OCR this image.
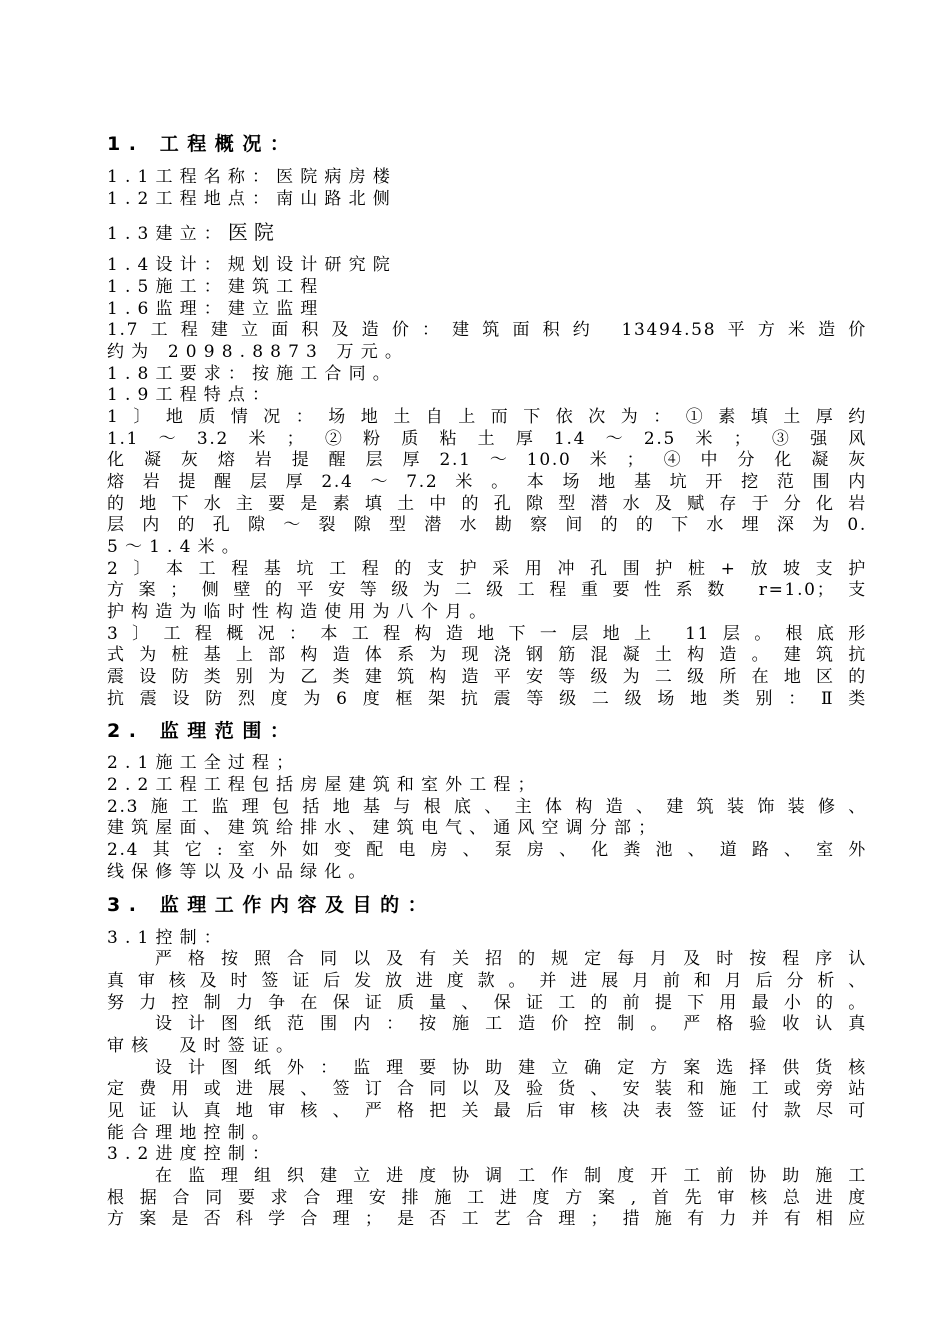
1. 工程概况：
1.1工程名称：医院病房楼
1.2工程地点：南山路北侧
1.3建立：医院
1.4设计：规划设计研究院
1.5施工：建筑工程
1.6监理：建立监理
1.7工程建立面积及造价：建筑面积约 13494.58平方米造价
约为 2098.8873 万元。
1.8工要求：按施工合同。
1.9工程特点：
1〕地质情况：场地土自上而下依次为：①素填土厚约
1.1～3.2米；②粉质粘土厚1.4～2.5米；③强风
化凝灰熔岩提醒层厚2.1～10.0米；④中分化凝灰
熔岩提醒层厚2.4～7.2米。本场地基坑开挖范围内
的地下水主要是素填土中的孔隙型潜水及赋存于分化岩
层内的孔隙～裂隙型潜水勘察间的的下水埋深为0.
5～1.4米。
2〕本工程基坑工程的支护采用冲孔围护桩+放坡支护
方案；侧壁的平安等级为二级工程重要性系数 r=1.0；支
护构造为临时性构造使用为八个月。
3〕工程概况：本工程构造地下一层地上 11层。根底形
式为桩基上部构造体系为现浇钢筋混凝土构造。建筑抗
震设防类别为乙类建筑构造平安等级为二级所在地区的
抗震设防烈度为6度框架抗震等级二级场地类别：Ⅱ类
2. 监理范围：
2.1施工全过程；
2.2工程工程包括房屋建筑和室外工程；
2.3施工监理包括地基与根底、主体构造、建筑装饰装修、
建筑屋面、建筑给排水、建筑电气、通风空调分部；
2.4其它:室外如变配电房、泵房、化粪池、道路、室外
线保修等以及小品绿化。
3. 监理工作内容及目的：
3.1控制：
严格按照合同以及有关招的规定每月及时按程序认
真审核及时签证后发放进度款。并进展月前和月后分析、
努力控制力争在保证质量、保证工的前提下用最小的。
设计图纸范围内：按施工造价控制。严格验收认真
审核　及时签证。
设计图纸外：监理要协助建立确定方案选择供货核
定费用或进展、签订合同以及验货、安装和施工或旁站
见证认真地审核、严格把关最后审核决表签证付款尽可
能合理地控制。
3.2进度控制：
在监理组织建立进度协调工作制度开工前协助施工
根据合同要求合理安排施工进度方案,首先审核总进度
方案是否科学合理；是否工艺合理；措施有力并有相应
